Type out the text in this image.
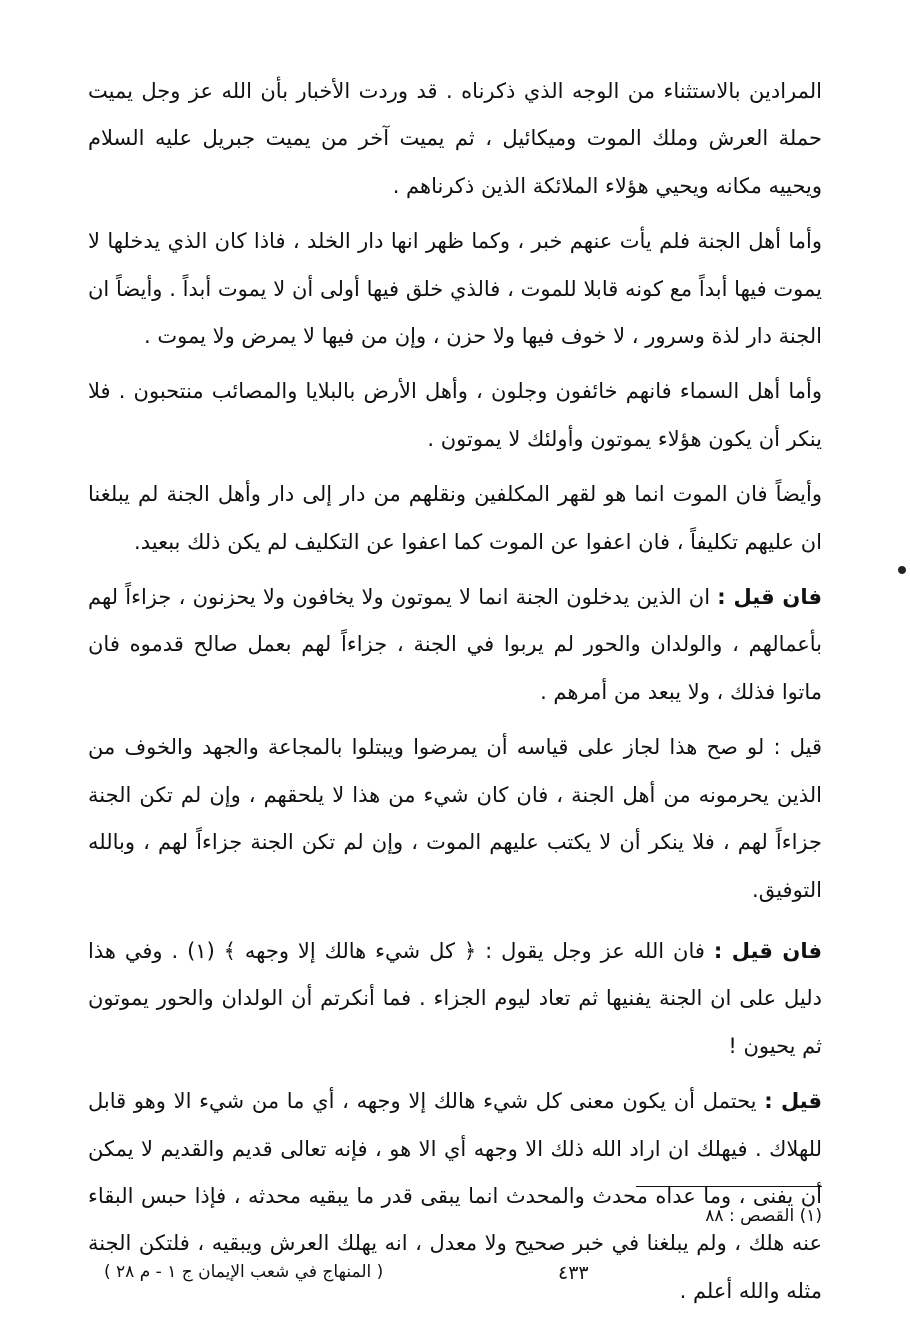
المرادين بالاستثناء من الوجه الذي ذكرناه . قد وردت الأخبار بأن الله عز وجل يميت حملة العرش وملك الموت وميكائيل ، ثم يميت آخر من يميت جبريل عليه السلام ويحييه مكانه ويحيي هؤلاء الملائكة الذين ذكرناهم .

وأما أهل الجنة فلم يأت عنهم خبر ، وكما ظهر انها دار الخلد ، فاذا كان الذي يدخلها لا يموت فيها أبداً مع كونه قابلا للموت ، فالذي خلق فيها أولى أن لا يموت أبداً . وأيضاً ان الجنة دار لذة وسرور ، لا خوف فيها ولا حزن ، وإن من فيها لا يمرض ولا يموت .

وأما أهل السماء فانهم خائفون وجلون ، وأهل الأرض بالبلايا والمصائب منتحبون . فلا ينكر أن يكون هؤلاء يموتون وأولئك لا يموتون .

وأيضاً فان الموت انما هو لقهر المكلفين ونقلهم من دار إلى دار وأهل الجنة لم يبلغنا ان عليهم تكليفاً ، فان اعفوا عن الموت كما اعفوا عن التكليف لم يكن ذلك ببعيد.

فان قيل : ان الذين يدخلون الجنة انما لا يموتون ولا يخافون ولا يحزنون ، جزاءاً لهم بأعمالهم ، والولدان والحور لم يربوا في الجنة ، جزاءاً لهم بعمل صالح قدموه فان ماتوا فذلك ، ولا يبعد من أمرهم .

قيل : لو صح هذا لجاز على قياسه أن يمرضوا ويبتلوا بالمجاعة والجهد والخوف من الذين يحرمونه من أهل الجنة ، فان كان شيء من هذا لا يلحقهم ، وإن لم تكن الجنة جزاءاً لهم ، فلا ينكر أن لا يكتب عليهم الموت ، وإن لم تكن الجنة جزاءاً لهم ، وبالله التوفيق.

فان قيل : فان الله عز وجل يقول : ﴿ كل شيء هالك إلا وجهه ﴾ (١) . وفي هذا دليل على ان الجنة يفنيها ثم تعاد ليوم الجزاء . فما أنكرتم أن الولدان والحور يموتون ثم يحيون !

قيل : يحتمل أن يكون معنى كل شيء هالك إلا وجهه ، أي ما من شيء الا وهو قابل للهلاك . فيهلك ان اراد الله ذلك الا وجهه أي الا هو ، فإنه تعالى قديم والقديم لا يمكن أن يفنى ، وما عداه محدث والمحدث انما يبقى قدر ما يبقيه محدثه ، فإذا حبس البقاء عنه هلك ، ولم يبلغنا في خبر صحيح ولا معدل ، انه يهلك العرش ويبقيه ، فلتكن الجنة مثله والله أعلم .

(١) القصص : ٨٨
٤٣٣
( المنهاج في شعب الإيمان ج ١ - م ٢٨ )
